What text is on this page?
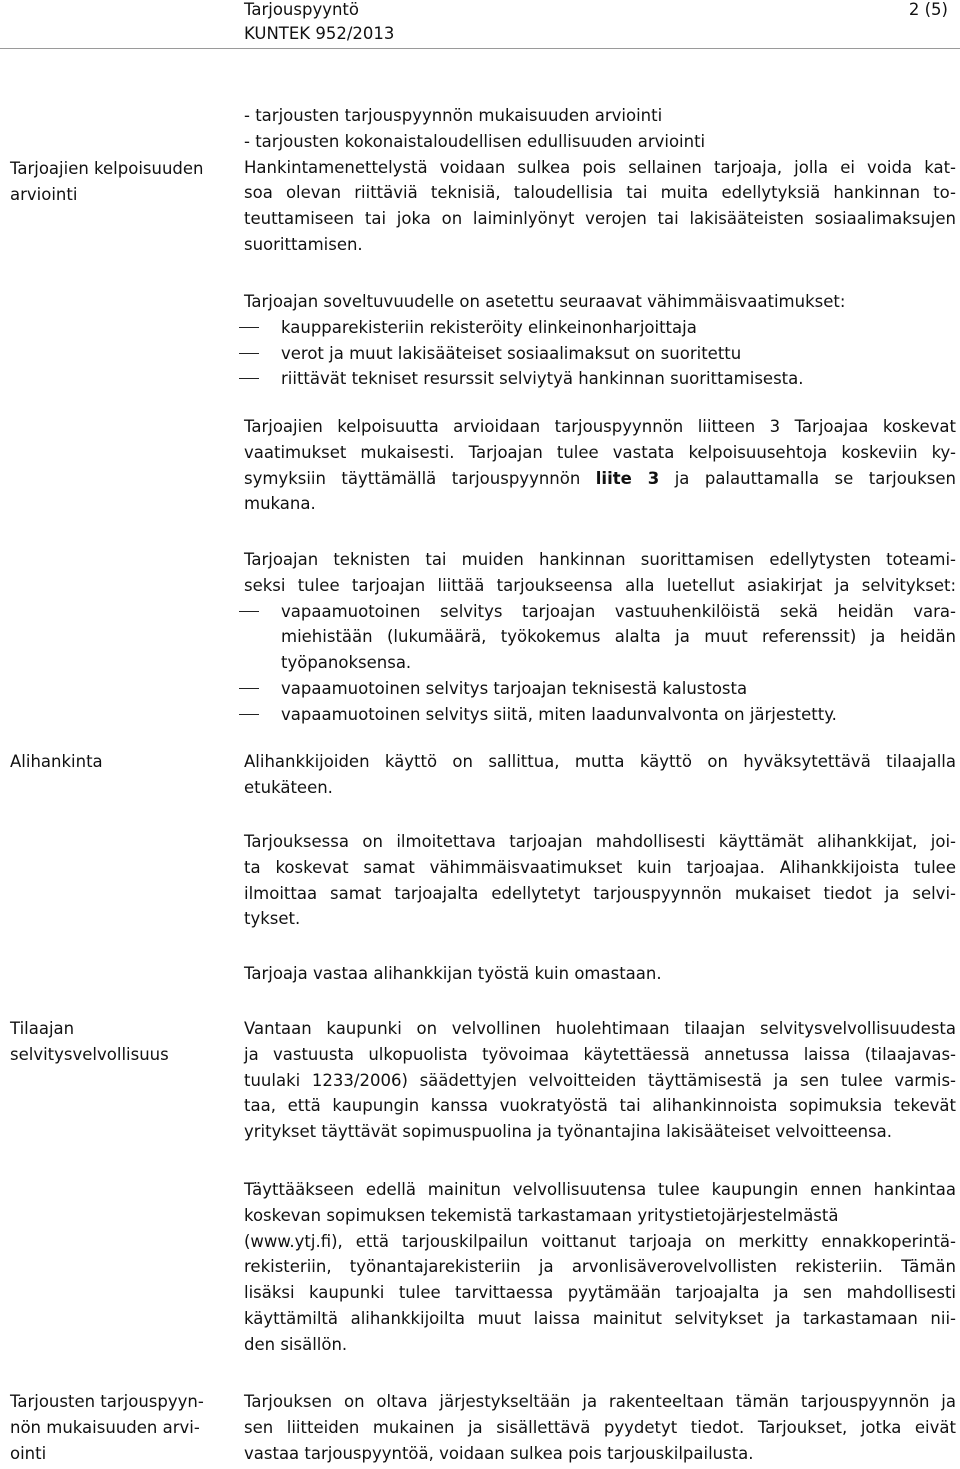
Tarjouspyyntö
KUNTEK 952/2013
2 (5)
Tarjoajien kelpoisuuden
arviointi
- tarjousten tarjouspyynnön mukaisuuden arviointi
- tarjousten kokonaistaloudellisen edullisuuden arviointi
Hankintamenettelystä voidaan sulkea pois sellainen tarjoaja, jolla ei voida kat-
soa olevan riittäviä teknisiä, taloudellisia tai muita edellytyksiä hankinnan to-
teuttamiseen tai joka on laiminlyönyt verojen tai lakisääteisten sosiaalimaksujen
suorittamisen.
Tarjoajan soveltuvuudelle on asetettu seuraavat vähimmäisvaatimukset:
kaupparekisteriin rekisteröity elinkeinonharjoittaja
verot ja muut lakisääteiset sosiaalimaksut on suoritettu
riittävät tekniset resurssit selviytyä hankinnan suorittamisesta.
Tarjoajien kelpoisuutta arvioidaan tarjouspyynnön liitteen 3 Tarjoajaa koskevat
vaatimukset mukaisesti. Tarjoajan tulee vastata kelpoisuusehtoja koskeviin ky-
symyksiin täyttämällä tarjouspyynnön liite 3 ja palauttamalla se tarjouksen
mukana.
Tarjoajan teknisten tai muiden hankinnan suorittamisen edellytysten toteami-
seksi tulee tarjoajan liittää tarjoukseensa alla luetellut asiakirjat ja selvitykset:
vapaamuotoinen selvitys tarjoajan vastuuhenkilöistä sekä heidän vara-
miehistään (lukumäärä, työkokemus alalta ja muut referenssit) ja heidän
työpanoksensa.
vapaamuotoinen selvitys tarjoajan teknisestä kalustosta
vapaamuotoinen selvitys siitä, miten laadunvalvonta on järjestetty.
Alihankinta	Alihankkijoiden käyttö on sallittua, mutta käyttö on hyväksytettävä tilaajalla
etukäteen.
Tarjouksessa on ilmoitettava tarjoajan mahdollisesti käyttämät alihankkijat, joi-
ta koskevat samat vähimmäisvaatimukset kuin tarjoajaa. Alihankkijoista tulee
ilmoittaa samat tarjoajalta edellytetyt tarjouspyynnön mukaiset tiedot ja selvi-
tykset.
Tarjoaja vastaa alihankkijan työstä kuin omastaan.
Tilaajan
selvitysvelvollisuus
Vantaan kaupunki on velvollinen huolehtimaan tilaajan selvitysvelvollisuudesta
ja vastuusta ulkopuolista työvoimaa käytettäessä annetussa laissa (tilaajavas-
tuulaki 1233/2006) säädettyjen velvoitteiden täyttämisestä ja sen tulee varmis-
taa, että kaupungin kanssa vuokratyöstä tai alihankinnoista sopimuksia tekevät
yritykset täyttävät sopimuspuolina ja työnantajina lakisääteiset velvoitteensa.
Täyttääkseen edellä mainitun velvollisuutensa tulee kaupungin ennen hankintaa
koskevan sopimuksen tekemistä tarkastamaan yritystietojärjestelmästä
(www.ytj.fi), että tarjouskilpailun voittanut tarjoaja on merkitty ennakkoperintä-
rekisteriin, työnantajarekisteriin ja arvonlisäverovelvollisten rekisteriin. Tämän
lisäksi kaupunki tulee tarvittaessa pyytämään tarjoajalta ja sen mahdollisesti
käyttämiltä alihankkijoilta muut laissa mainitut selvitykset ja tarkastamaan nii-
den sisällön.
Tarjousten tarjouspyyn-
nön mukaisuuden arvi-
ointi
Tarjouksen on oltava järjestykseltään ja rakenteeltaan tämän tarjouspyynnön ja
sen liitteiden mukainen ja sisällettävä pyydetyt tiedot. Tarjoukset, jotka eivät
vastaa tarjouspyyntöä, voidaan sulkea pois tarjouskilpailusta.
